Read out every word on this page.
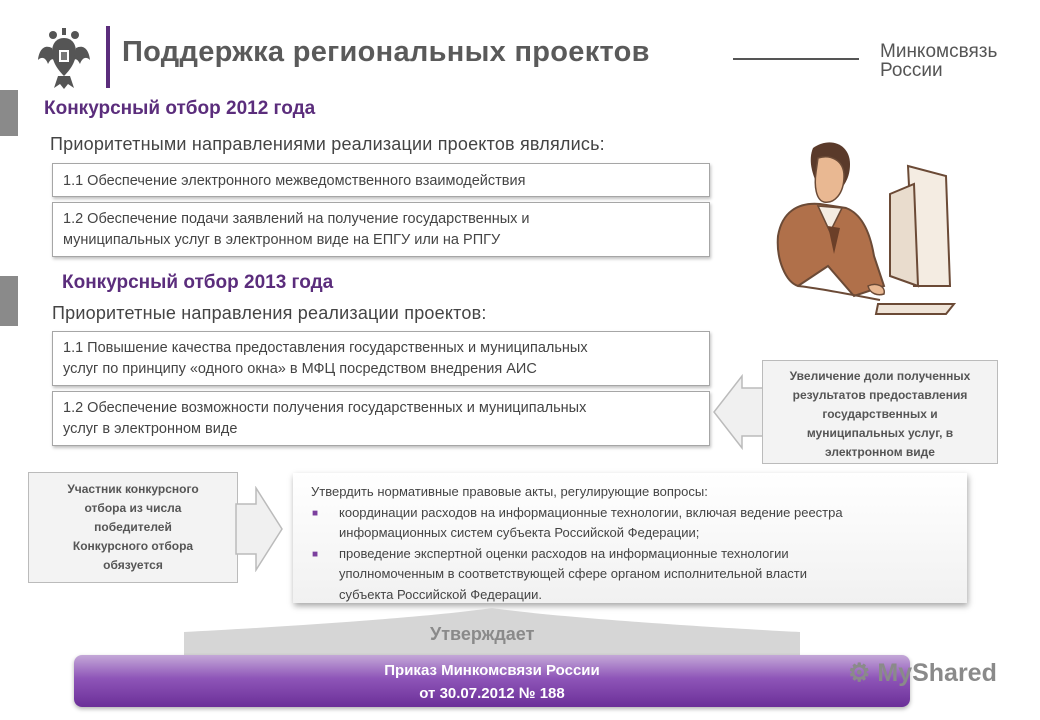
Поддержка региональных проектов	Минкомсвязь
России
Конкурсный отбор 2012 года
Приоритетными направлениями реализации проектов являлись:
1.1 Обеспечение электронного межведомственного взаимодействия
1.2 Обеспечение подачи заявлений на получение государственных и
муниципальных услуг в электронном виде на ЕПГУ или на РПГУ
Конкурсный отбор 2013 года
Приоритетные направления реализации проектов:
1.1 Повышение качества предоставления государственных и муниципальных
услуг по принципу «одного окна» в МФЦ посредством внедрения АИС
1.2 Обеспечение возможности получения государственных и муниципальных
услуг в электронном виде
Увеличение доли полученных
результатов предоставления
государственных и
муниципальных услуг, в
электронном виде
Участник конкурсного
отбора из числа
победителей
Конкурсного отбора
обязуется
Утвердить нормативные правовые акты, регулирующие вопросы:
■ координации расходов на информационные технологии, включая ведение реестра
информационных систем субъекта Российской Федерации;
■ проведение экспертной оценки расходов на информационные технологии
уполномоченным в соответствующей сфере органом исполнительной власти
субъекта Российской Федерации.
Утверждает
Приказ Минкомсвязи России
от 30.07.2012 № 188
⚙ MyShared
